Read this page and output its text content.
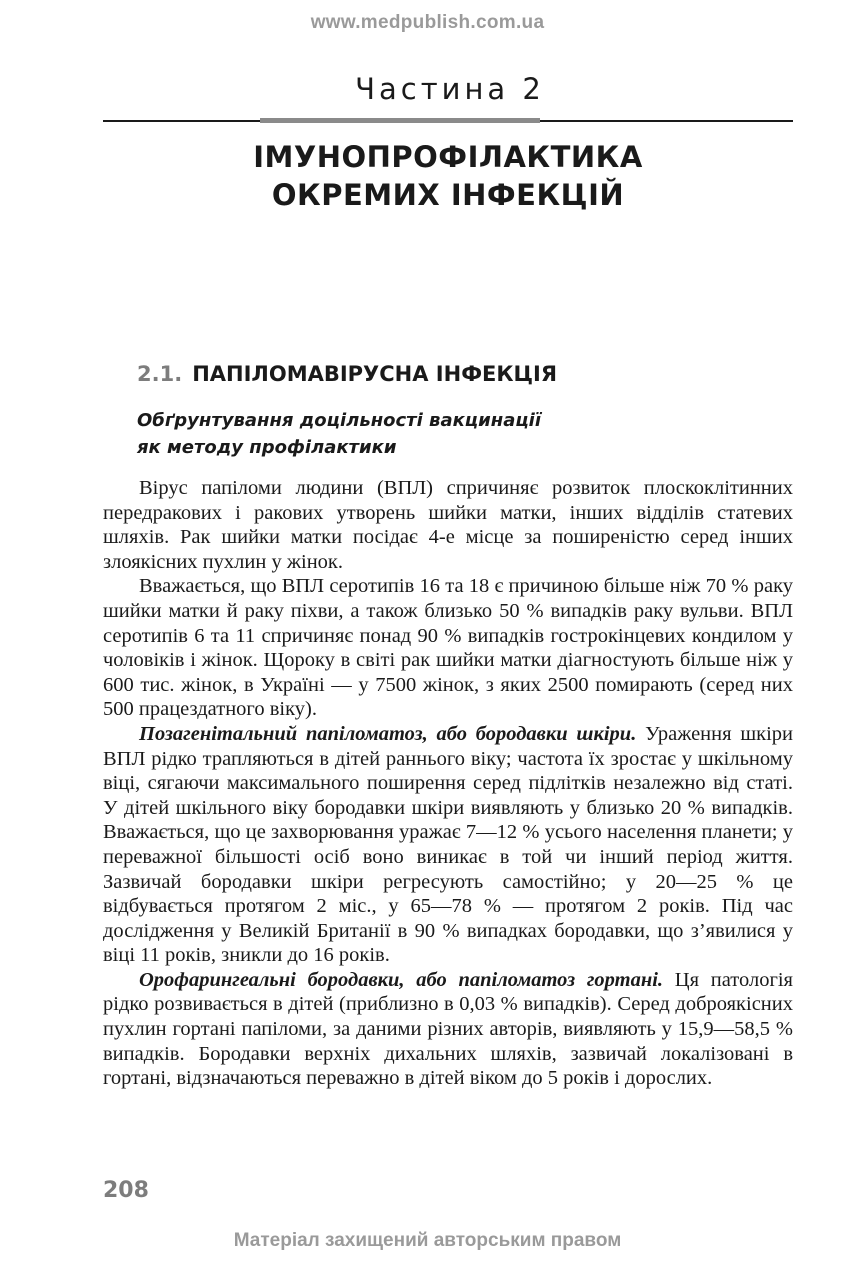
www.medpublish.com.ua
Частина 2
ІМУНОПРОФІЛАКТИКА
ОКРЕМИХ ІНФЕКЦІЙ
2.1. ПАПІЛОМАВІРУСНА ІНФЕКЦІЯ
Обґрунтування доцільності вакцинації
як методу профілактики

Вірус папіломи людини (ВПЛ) спричиняє розвиток плоскоклітинних передракових і ракових утворень шийки матки, інших відділів статевих шляхів. Рак шийки матки посідає 4-е місце за поширеністю серед інших злоякісних пухлин у жінок.

Вважається, що ВПЛ серотипів 16 та 18 є причиною більше ніж 70 % раку шийки матки й раку піхви, а також близько 50 % випадків раку вульви. ВПЛ серотипів 6 та 11 спричиняє понад 90 % випадків гострокінцевих кондилом у чоловіків і жінок. Щороку в світі рак шийки матки діагностують більше ніж у 600 тис. жінок, в Україні — у 7500 жінок, з яких 2500 помирають (серед них 500 працездатного віку).

Позагенітальний папіломатоз, або бородавки шкіри. Ураження шкіри ВПЛ рідко трапляються в дітей раннього віку; частота їх зростає у шкільному віці, сягаючи максимального поширення серед підлітків незалежно від статі. У дітей шкільного віку бородавки шкіри виявляють у близько 20 % випадків. Вважається, що це захворювання уражає 7—12 % усього населення планети; у переважної більшості осіб воно виникає в той чи інший період життя. Зазвичай бородавки шкіри регресують самостійно; у 20—25 % це відбувається протягом 2 міс., у 65—78 % — протягом 2 років. Під час дослідження у Великій Британії в 90 % випадках бородавки, що з’явилися у віці 11 років, зникли до 16 років.

Орофарингеальні бородавки, або папіломатоз гортані. Ця патологія рідко розвивається в дітей (приблизно в 0,03 % випадків). Серед доброякісних пухлин гортані папіломи, за даними різних авторів, виявляють у 15,9—58,5 % випадків. Бородавки верхніх дихальних шляхів, зазвичай локалізовані в гортані, відзначаються переважно в дітей віком до 5 років і дорослих.

208
Матеріал захищений авторським правом
